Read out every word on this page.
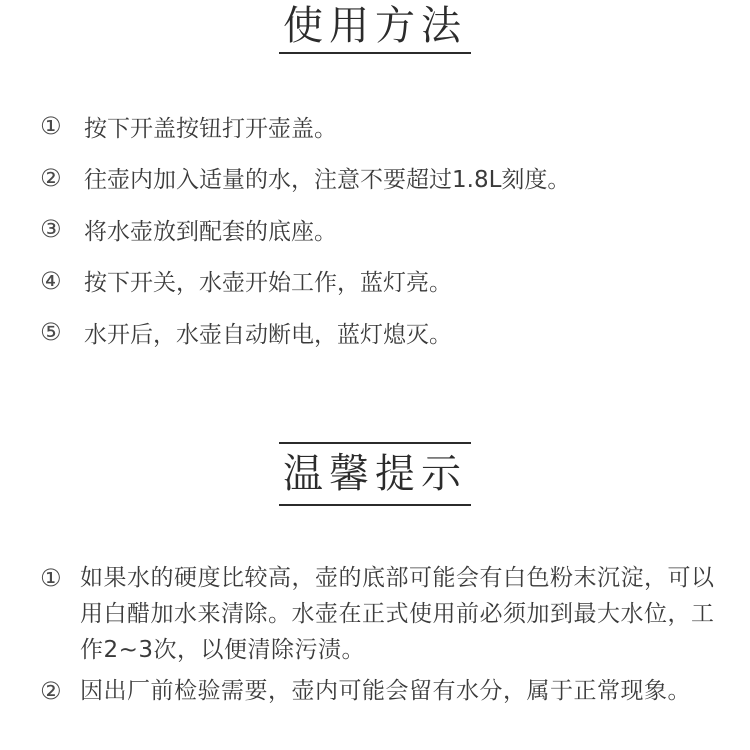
使用方法
① 按下开盖按钮打开壶盖。
② 往壶内加入适量的水，注意不要超过1.8L刻度。
③ 将水壶放到配套的底座。
④ 按下开关，水壶开始工作，蓝灯亮。
⑤ 水开后，水壶自动断电，蓝灯熄灭。
温馨提示
① 如果水的硬度比较高，壶的底部可能会有白色粉末沉淀，可以用白醋加水来清除。水壶在正式使用前必须加到最大水位，工作2~3次，以便清除污渍。
② 因出厂前检验需要，壶内可能会留有水分，属于正常现象。
